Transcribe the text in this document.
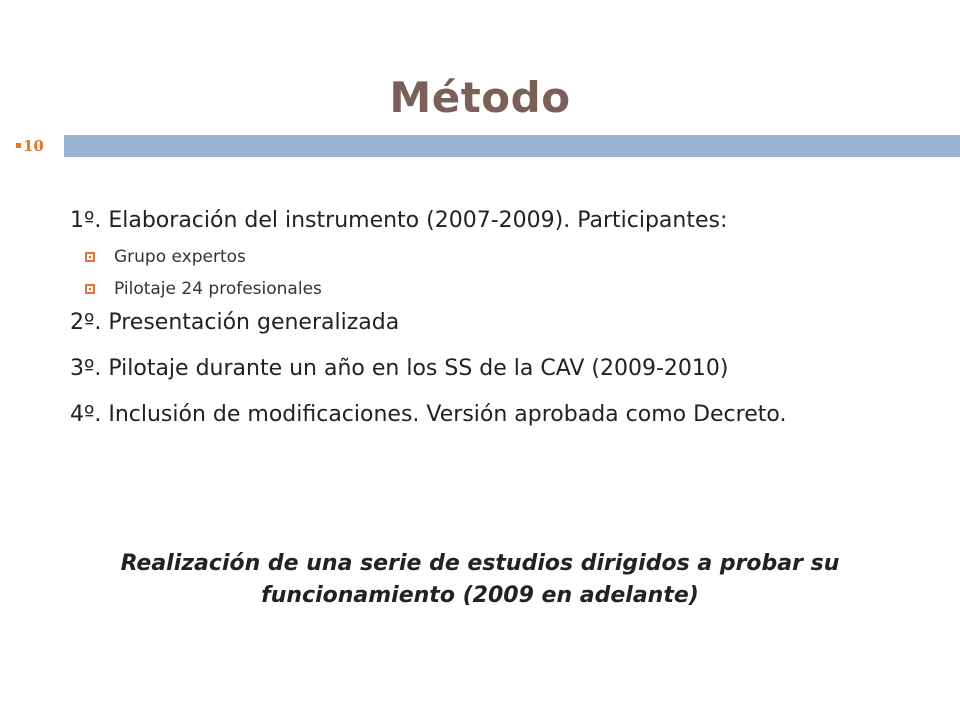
Método
10

1º. Elaboración del instrumento (2007-2009). Participantes:

Grupo expertos
Pilotaje 24 profesionales

2º. Presentación generalizada

3º. Pilotaje durante un año en los SS de la CAV (2009-2010)

4º. Inclusión de modificaciones. Versión aprobada como Decreto.

Realización de una serie de estudios dirigidos a probar su funcionamiento (2009 en adelante)
